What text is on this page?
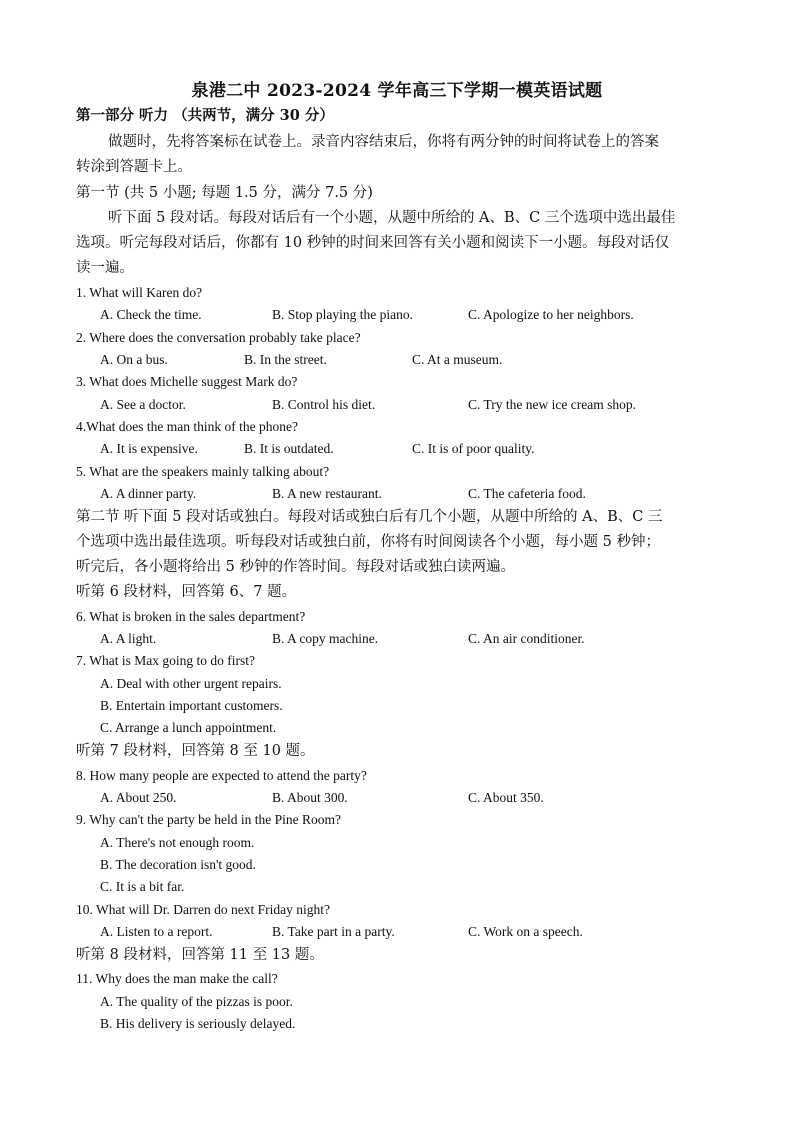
泉港二中 2023-2024 学年高三下学期一模英语试题
第一部分 听力 （共两节，满分 30 分）
做题时，先将答案标在试卷上。录音内容结束后，你将有两分钟的时间将试卷上的答案
转涂到答题卡上。
第一节 (共 5 小题; 每题 1.5 分，满分 7.5 分)
听下面 5 段对话。每段对话后有一个小题，从题中所给的 A、B、C 三个选项中选出最佳
选项。听完每段对话后，你都有 10 秒钟的时间来回答有关小题和阅读下一小题。每段对话仅
读一遍。
1. What will Karen do?
A. Check the time.	B. Stop playing the piano.	C. Apologize to her neighbors.
2. Where does the conversation probably take place?
A. On a bus.	B. In the street.	C. At a museum.
3. What does Michelle suggest Mark do?
A. See a doctor.	B. Control his diet.	C. Try the new ice cream shop.
4.What does the man think of the phone?
A. It is expensive.	B. It is outdated.	C. It is of poor quality.
5. What are the speakers mainly talking about?
A. A dinner party.	B. A new restaurant.	C. The cafeteria food.
第二节 听下面 5 段对话或独白。每段对话或独白后有几个小题，从题中所给的 A、B、C 三
个选项中选出最佳选项。听每段对话或独白前，你将有时间阅读各个小题，每小题 5 秒钟；
听完后，各小题将给出 5 秒钟的作答时间。每段对话或独白读两遍。
听第 6 段材料，回答第 6、7 题。
6. What is broken in the sales department?
A. A light.	B. A copy machine.	C. An air conditioner.
7. What is Max going to do first?
A. Deal with other urgent repairs.
B. Entertain important customers.
C. Arrange a lunch appointment.
听第 7 段材料，回答第 8 至 10 题。
8. How many people are expected to attend the party?
A. About 250.	B. About 300.	C. About 350.
9. Why can't the party be held in the Pine Room?
A. There's not enough room.
B. The decoration isn't good.
C. It is a bit far.
10. What will Dr. Darren do next Friday night?
A. Listen to a report.	B. Take part in a party.	C. Work on a speech.
听第 8 段材料，回答第 11 至 13 题。
11. Why does the man make the call?
A. The quality of the pizzas is poor.
B. His delivery is seriously delayed.
